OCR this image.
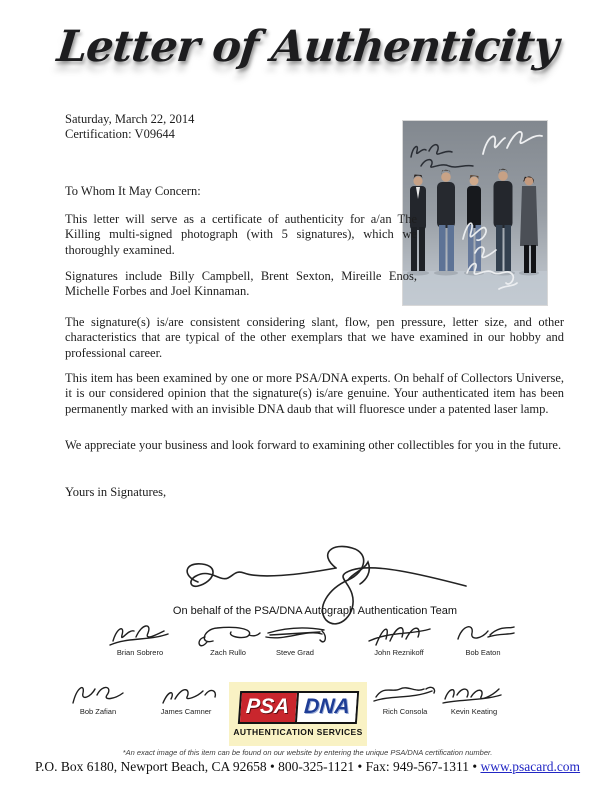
Letter of Authenticity
Saturday, March 22, 2014
Certification: V09644
To Whom It May Concern:
This letter will serve as a certificate of authenticity for a/an The Killing multi-signed photograph (with 5 signatures), which we thoroughly examined.
Signatures include Billy Campbell, Brent Sexton, Mireille Enos, Michelle Forbes and Joel Kinnaman.
The signature(s) is/are consistent considering slant, flow, pen pressure, letter size, and other characteristics that are typical of the other exemplars that we have examined in our hobby and professional career.
This item has been examined by one or more PSA/DNA experts. On behalf of Collectors Universe, it is our considered opinion that the signature(s) is/are genuine. Your authenticated item has been permanently marked with an invisible DNA daub that will fluoresce under a patented laser lamp.
We appreciate your business and look forward to examining other collectibles for you in the future.
Yours in Signatures,
On behalf of the PSA/DNA Autograph Authentication Team
Brian Sobrero	Zach Rullo	Steve Grad	John Reznikoff	Bob Eaton
Bob Zafian	James Camner	PSA DNA
AUTHENTICATION SERVICES
Rich Consola	Kevin Keating
*An exact image of this item can be found on our website by entering the unique PSA/DNA certification number.
P.O. Box 6180, Newport Beach, CA 92658 • 800-325-1121 • Fax: 949-567-1311 • www.psacard.com
